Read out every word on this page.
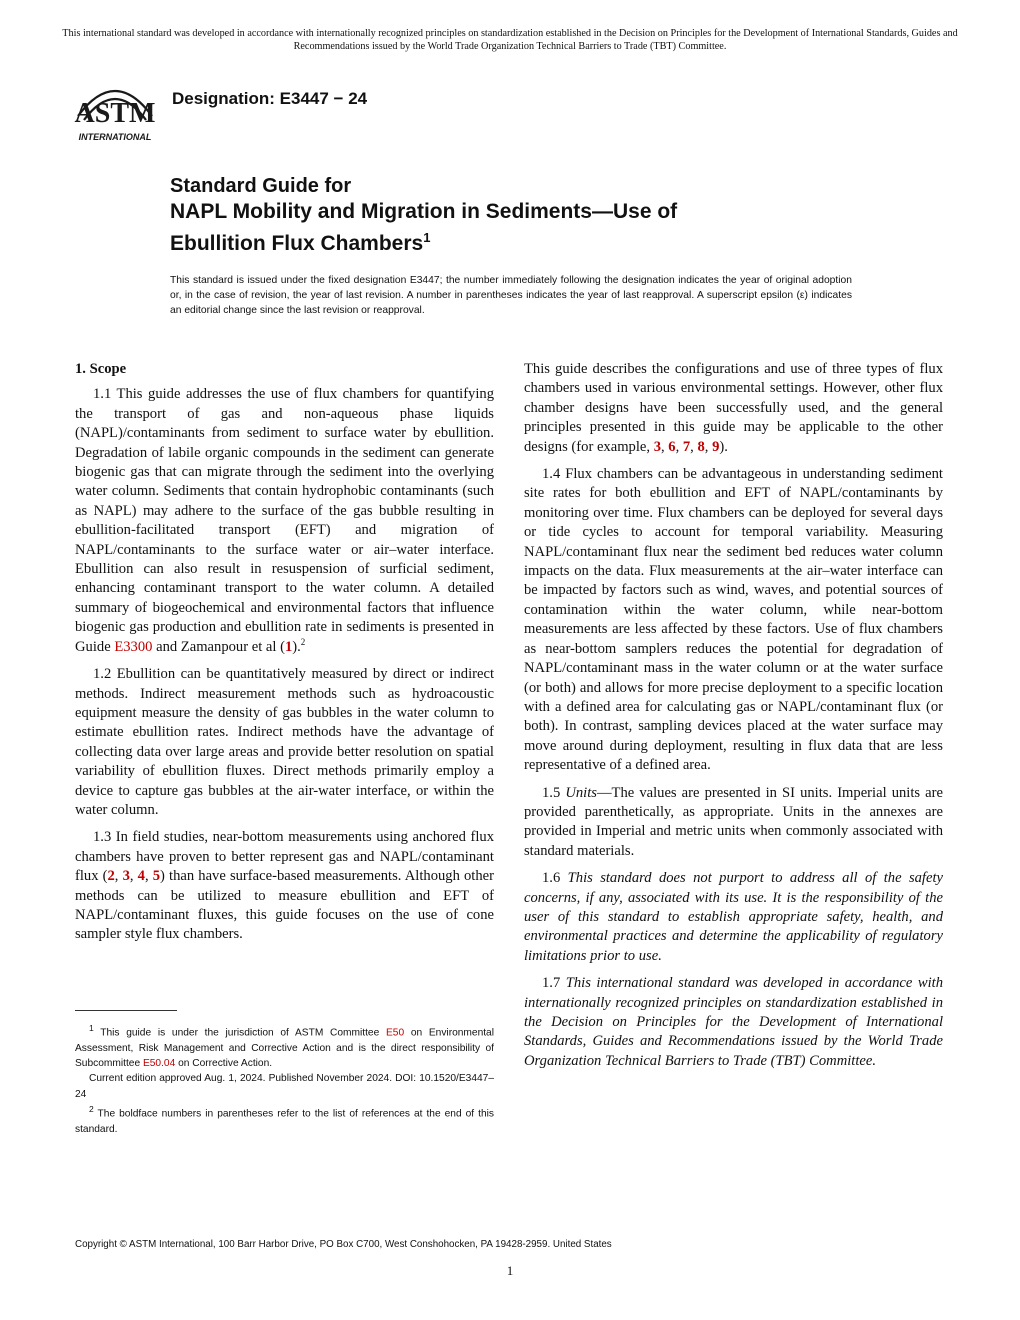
This international standard was developed in accordance with internationally recognized principles on standardization established in the Decision on Principles for the Development of International Standards, Guides and Recommendations issued by the World Trade Organization Technical Barriers to Trade (TBT) Committee.
ASTM
INTERNATIONAL
Designation: E3447 − 24
Standard Guide for
NAPL Mobility and Migration in Sediments—Use of
Ebullition Flux Chambers$^1$
This standard is issued under the fixed designation E3447; the number immediately following the designation indicates the year of original adoption or, in the case of revision, the year of last revision. A number in parentheses indicates the year of last reapproval. A superscript epsilon (ε) indicates an editorial change since the last revision or reapproval.
1. Scope

1.1 This guide addresses the use of flux chambers for quantifying the transport of gas and non-aqueous phase liquids (NAPL)/contaminants from sediment to surface water by ebullition. Degradation of labile organic compounds in the sediment can generate biogenic gas that can migrate through the sediment into the overlying water column. Sediments that contain hydrophobic contaminants (such as NAPL) may adhere to the surface of the gas bubble resulting in ebullition-facilitated transport (EFT) and migration of NAPL/contaminants to the surface water or air–water interface. Ebullition can also result in resuspension of surficial sediment, enhancing contaminant transport to the water column. A detailed summary of biogeochemical and environmental factors that influence biogenic gas production and ebullition rate in sediments is presented in Guide E3300 and Zamanpour et al (1).$^2$

1.2 Ebullition can be quantitatively measured by direct or indirect methods. Indirect measurement methods such as hydroacoustic equipment measure the density of gas bubbles in the water column to estimate ebullition rates. Indirect methods have the advantage of collecting data over large areas and provide better resolution on spatial variability of ebullition fluxes. Direct methods primarily employ a device to capture gas bubbles at the air-water interface, or within the water column.

1.3 In field studies, near-bottom measurements using anchored flux chambers have proven to better represent gas and NAPL/contaminant flux (2, 3, 4, 5) than have surface-based measurements. Although other methods can be utilized to measure ebullition and EFT of NAPL/contaminant fluxes, this guide focuses on the use of cone sampler style flux chambers.

$^1$ This guide is under the jurisdiction of ASTM Committee E50 on Environmental Assessment, Risk Management and Corrective Action and is the direct responsibility of Subcommittee E50.04 on Corrective Action.

Current edition approved Aug. 1, 2024. Published November 2024. DOI: 10.1520/E3447–24

$^2$ The boldface numbers in parentheses refer to the list of references at the end of this standard.

This guide describes the configurations and use of three types of flux chambers used in various environmental settings. However, other flux chamber designs have been successfully used, and the general principles presented in this guide may be applicable to the other designs (for example, 3, 6, 7, 8, 9).

1.4 Flux chambers can be advantageous in understanding sediment site rates for both ebullition and EFT of NAPL/contaminants by monitoring over time. Flux chambers can be deployed for several days or tide cycles to account for temporal variability. Measuring NAPL/contaminant flux near the sediment bed reduces water column impacts on the data. Flux measurements at the air–water interface can be impacted by factors such as wind, waves, and potential sources of contamination within the water column, while near-bottom measurements are less affected by these factors. Use of flux chambers as near-bottom samplers reduces the potential for degradation of NAPL/contaminant mass in the water column or at the water surface (or both) and allows for more precise deployment to a specific location with a defined area for calculating gas or NAPL/contaminant flux (or both). In contrast, sampling devices placed at the water surface may move around during deployment, resulting in flux data that are less representative of a defined area.

1.5 Units—The values are presented in SI units. Imperial units are provided parenthetically, as appropriate. Units in the annexes are provided in Imperial and metric units when commonly associated with standard materials.

1.6 This standard does not purport to address all of the safety concerns, if any, associated with its use. It is the responsibility of the user of this standard to establish appropriate safety, health, and environmental practices and determine the applicability of regulatory limitations prior to use.

1.7 This international standard was developed in accordance with internationally recognized principles on standardization established in the Decision on Principles for the Development of International Standards, Guides and Recommendations issued by the World Trade Organization Technical Barriers to Trade (TBT) Committee.

Copyright © ASTM International, 100 Barr Harbor Drive, PO Box C700, West Conshohocken, PA 19428-2959. United States
1
